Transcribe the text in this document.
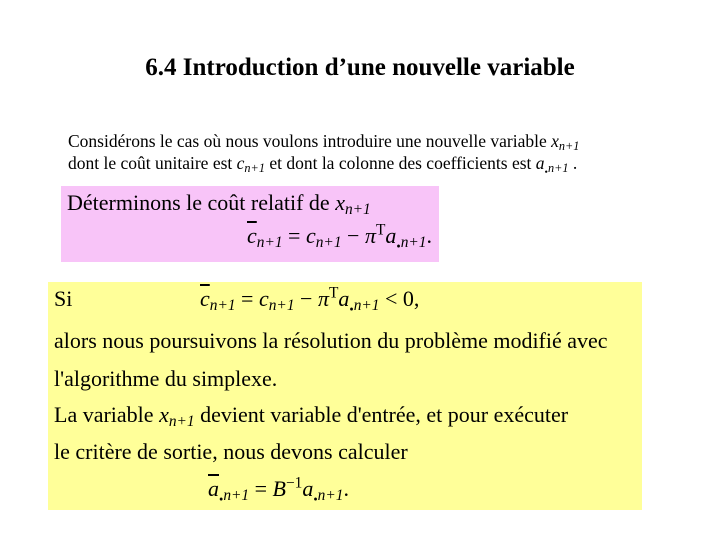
6.4 Introduction d’une nouvelle variable
Considérons le cas où nous voulons introduire une nouvelle variable $x_{n+1}$
dont le coût unitaire est $c_{n+1}$ et dont la colonne des coefficients est $a_{_•n+1}$ .
Déterminons le coût relatif de $x_{n+1}$
$\overline{c}_{n+1} = c_{n+1} - \pi^Ta_{_•n+1}$.
Si	$\overline{c}_{n+1} = c_{n+1} - \pi^Ta_{_•n+1} < 0$,
alors nous poursuivons la résolution du problème modifié avec
l'algorithme du simplexe.
La variable $x_{n+1}$ devient variable d'entrée, et pour exécuter
le critère de sortie, nous devons calculer
$\overline{a}_{_•n+1} = B^{-1}a_{_•n+1}$.
